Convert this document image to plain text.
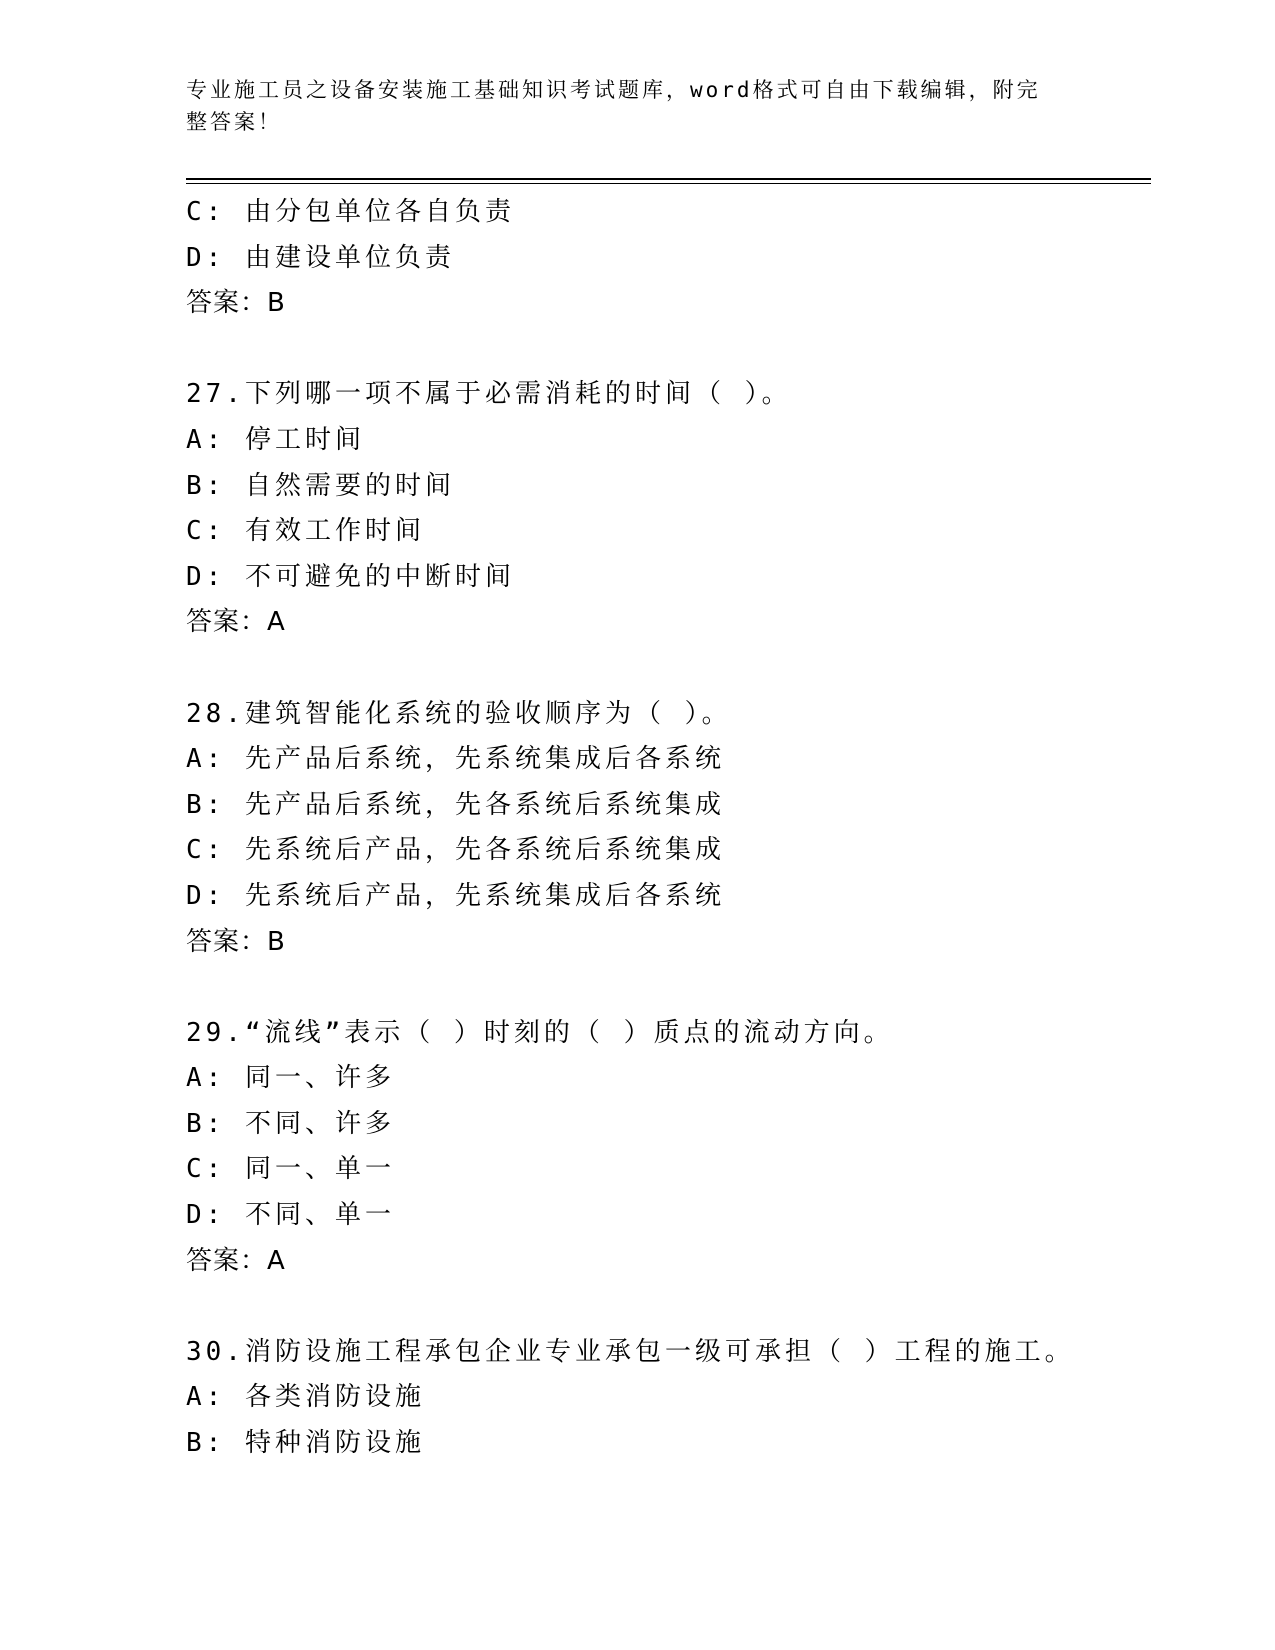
专业施工员之设备安装施工基础知识考试题库，word格式可自由下载编辑，附完
整答案！
C: 由分包单位各自负责
D: 由建设单位负责
答案：B
27.下列哪一项不属于必需消耗的时间（ ）。
A: 停工时间
B: 自然需要的时间
C: 有效工作时间
D: 不可避免的中断时间
答案：A
28.建筑智能化系统的验收顺序为（ ）。
A: 先产品后系统，先系统集成后各系统
B: 先产品后系统，先各系统后系统集成
C: 先系统后产品，先各系统后系统集成
D: 先系统后产品，先系统集成后各系统
答案：B
29.“流线”表示（ ）时刻的（ ）质点的流动方向。
A: 同一、许多
B: 不同、许多
C: 同一、单一
D: 不同、单一
答案：A
30.消防设施工程承包企业专业承包一级可承担（ ）工程的施工。
A: 各类消防设施
B: 特种消防设施
